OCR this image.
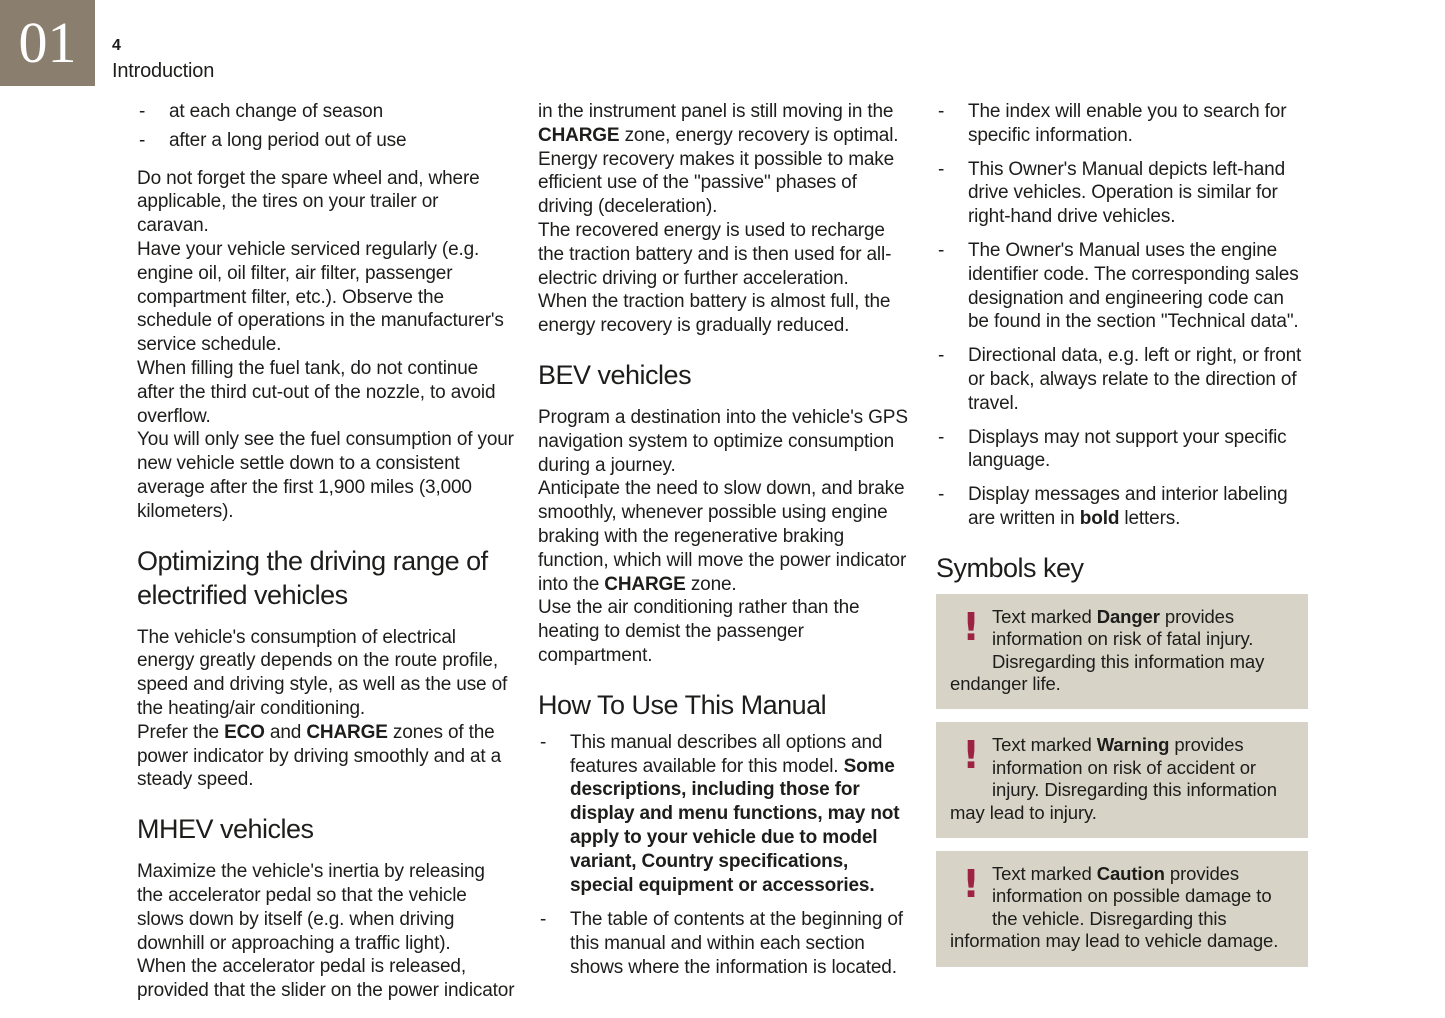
01 4
Introduction
-	at each change of season
-	after a long period out of use

Do not forget the spare wheel and, where applicable, the tires on your trailer or caravan.

Have your vehicle serviced regularly (e.g. engine oil, oil filter, air filter, passenger compartment filter, etc.). Observe the schedule of operations in the manufacturer's service schedule.

When filling the fuel tank, do not continue after the third cut-out of the nozzle, to avoid overflow.

You will only see the fuel consumption of your new vehicle settle down to a consistent average after the first 1,900 miles (3,000 kilometers).

Optimizing the driving range of electrified vehicles

The vehicle's consumption of electrical energy greatly depends on the route profile, speed and driving style, as well as the use of the heating/air conditioning.

Prefer the ECO and CHARGE zones of the power indicator by driving smoothly and at a steady speed.

MHEV vehicles

Maximize the vehicle's inertia by releasing the accelerator pedal so that the vehicle slows down by itself (e.g. when driving downhill or approaching a traffic light).

When the accelerator pedal is released, provided that the slider on the power indicator

in the instrument panel is still moving in the CHARGE zone, energy recovery is optimal.

Energy recovery makes it possible to make efficient use of the "passive" phases of driving (deceleration).

The recovered energy is used to recharge the traction battery and is then used for all-electric driving or further acceleration.

When the traction battery is almost full, the energy recovery is gradually reduced.

BEV vehicles

Program a destination into the vehicle's GPS navigation system to optimize consumption during a journey.

Anticipate the need to slow down, and brake smoothly, whenever possible using engine braking with the regenerative braking function, which will move the power indicator into the CHARGE zone.

Use the air conditioning rather than the heating to demist the passenger compartment.

How To Use This Manual
-	This manual describes all options and features available for this model. Some descriptions, including those for display and menu functions, may not apply to your vehicle due to model variant, Country specifications, special equipment or accessories.
-	The table of contents at the beginning of this manual and within each section shows where the information is located.
-	The index will enable you to search for specific information.
-	This Owner's Manual depicts left-hand drive vehicles. Operation is similar for right-hand drive vehicles.
-	The Owner's Manual uses the engine identifier code. The corresponding sales designation and engineering code can be found in the section "Technical data".
-	Directional data, e.g. left or right, or front or back, always relate to the direction of travel.
-	Displays may not support your specific language.
-	Display messages and interior labeling are written in bold letters.
Symbols key
! Text marked Danger provides information on risk of fatal injury. Disregarding this information may endanger life.
! Text marked Warning provides information on risk of accident or injury. Disregarding this information may lead to injury.
! Text marked Caution provides information on possible damage to the vehicle. Disregarding this information may lead to vehicle damage.
